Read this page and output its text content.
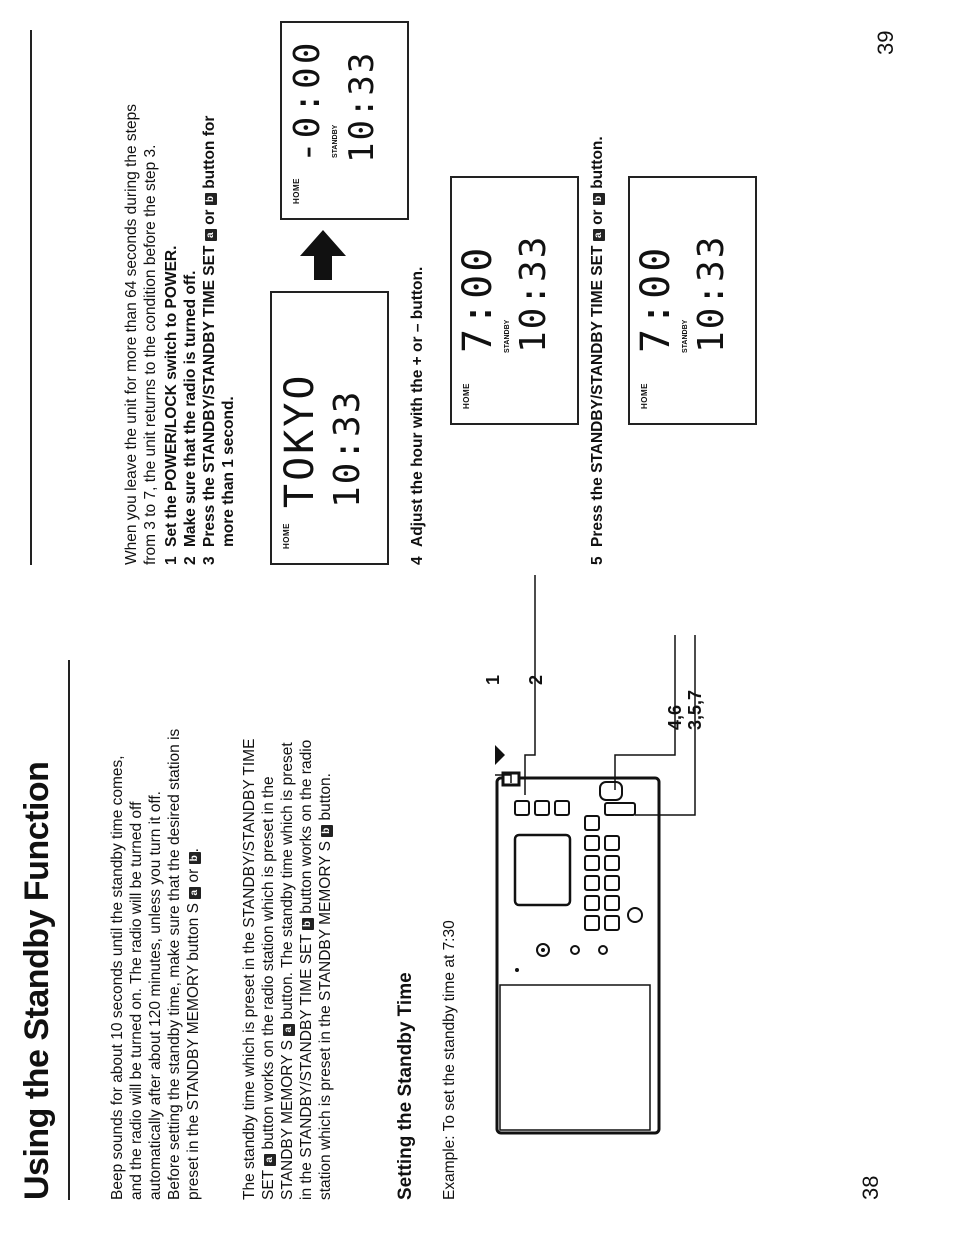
Using the Standby Function	Beep sounds for about 10 seconds until the standby time comes, and the radio will be turned on. The radio will be turned off automatically after about 120 minutes, unless you turn it off. Before setting the standby time, make sure that the desired station is preset in the STANDBY MEMORY button S a or b.	The standby time which is preset in the STANDBY/STANDBY TIME SET a button works on the radio station which is preset in the STANDBY MEMORY S a button. The standby time which is preset
in the STANDBY/STANDBY TIME SET b button works on the radio
station which is preset in the STANDBY MEMORY S b button.
Setting the Standby Time Example: To set the standby time at 7:30
1 2
4,6 3,5,7
38
When you leave the unit for more than 64 seconds during the steps from 3 to 7, the unit returns to the condition before the step 3. 1Set the POWER/LOCK switch to POWER.
2Make sure that the radio is turned off.
3Press the STANDBY/STANDBY TIME SET a or b button for
more than 1 second.	HOME
TOKYO 10:33
HOME
-0:00 STANDBY 10:33
4Adjust the hour with the + or – button.	HOME
7:00 STANDBY 10:33
5Press the STANDBY/STANDBY TIME SET a or b button.
HOME
7:00 STANDBY 10:33
39
